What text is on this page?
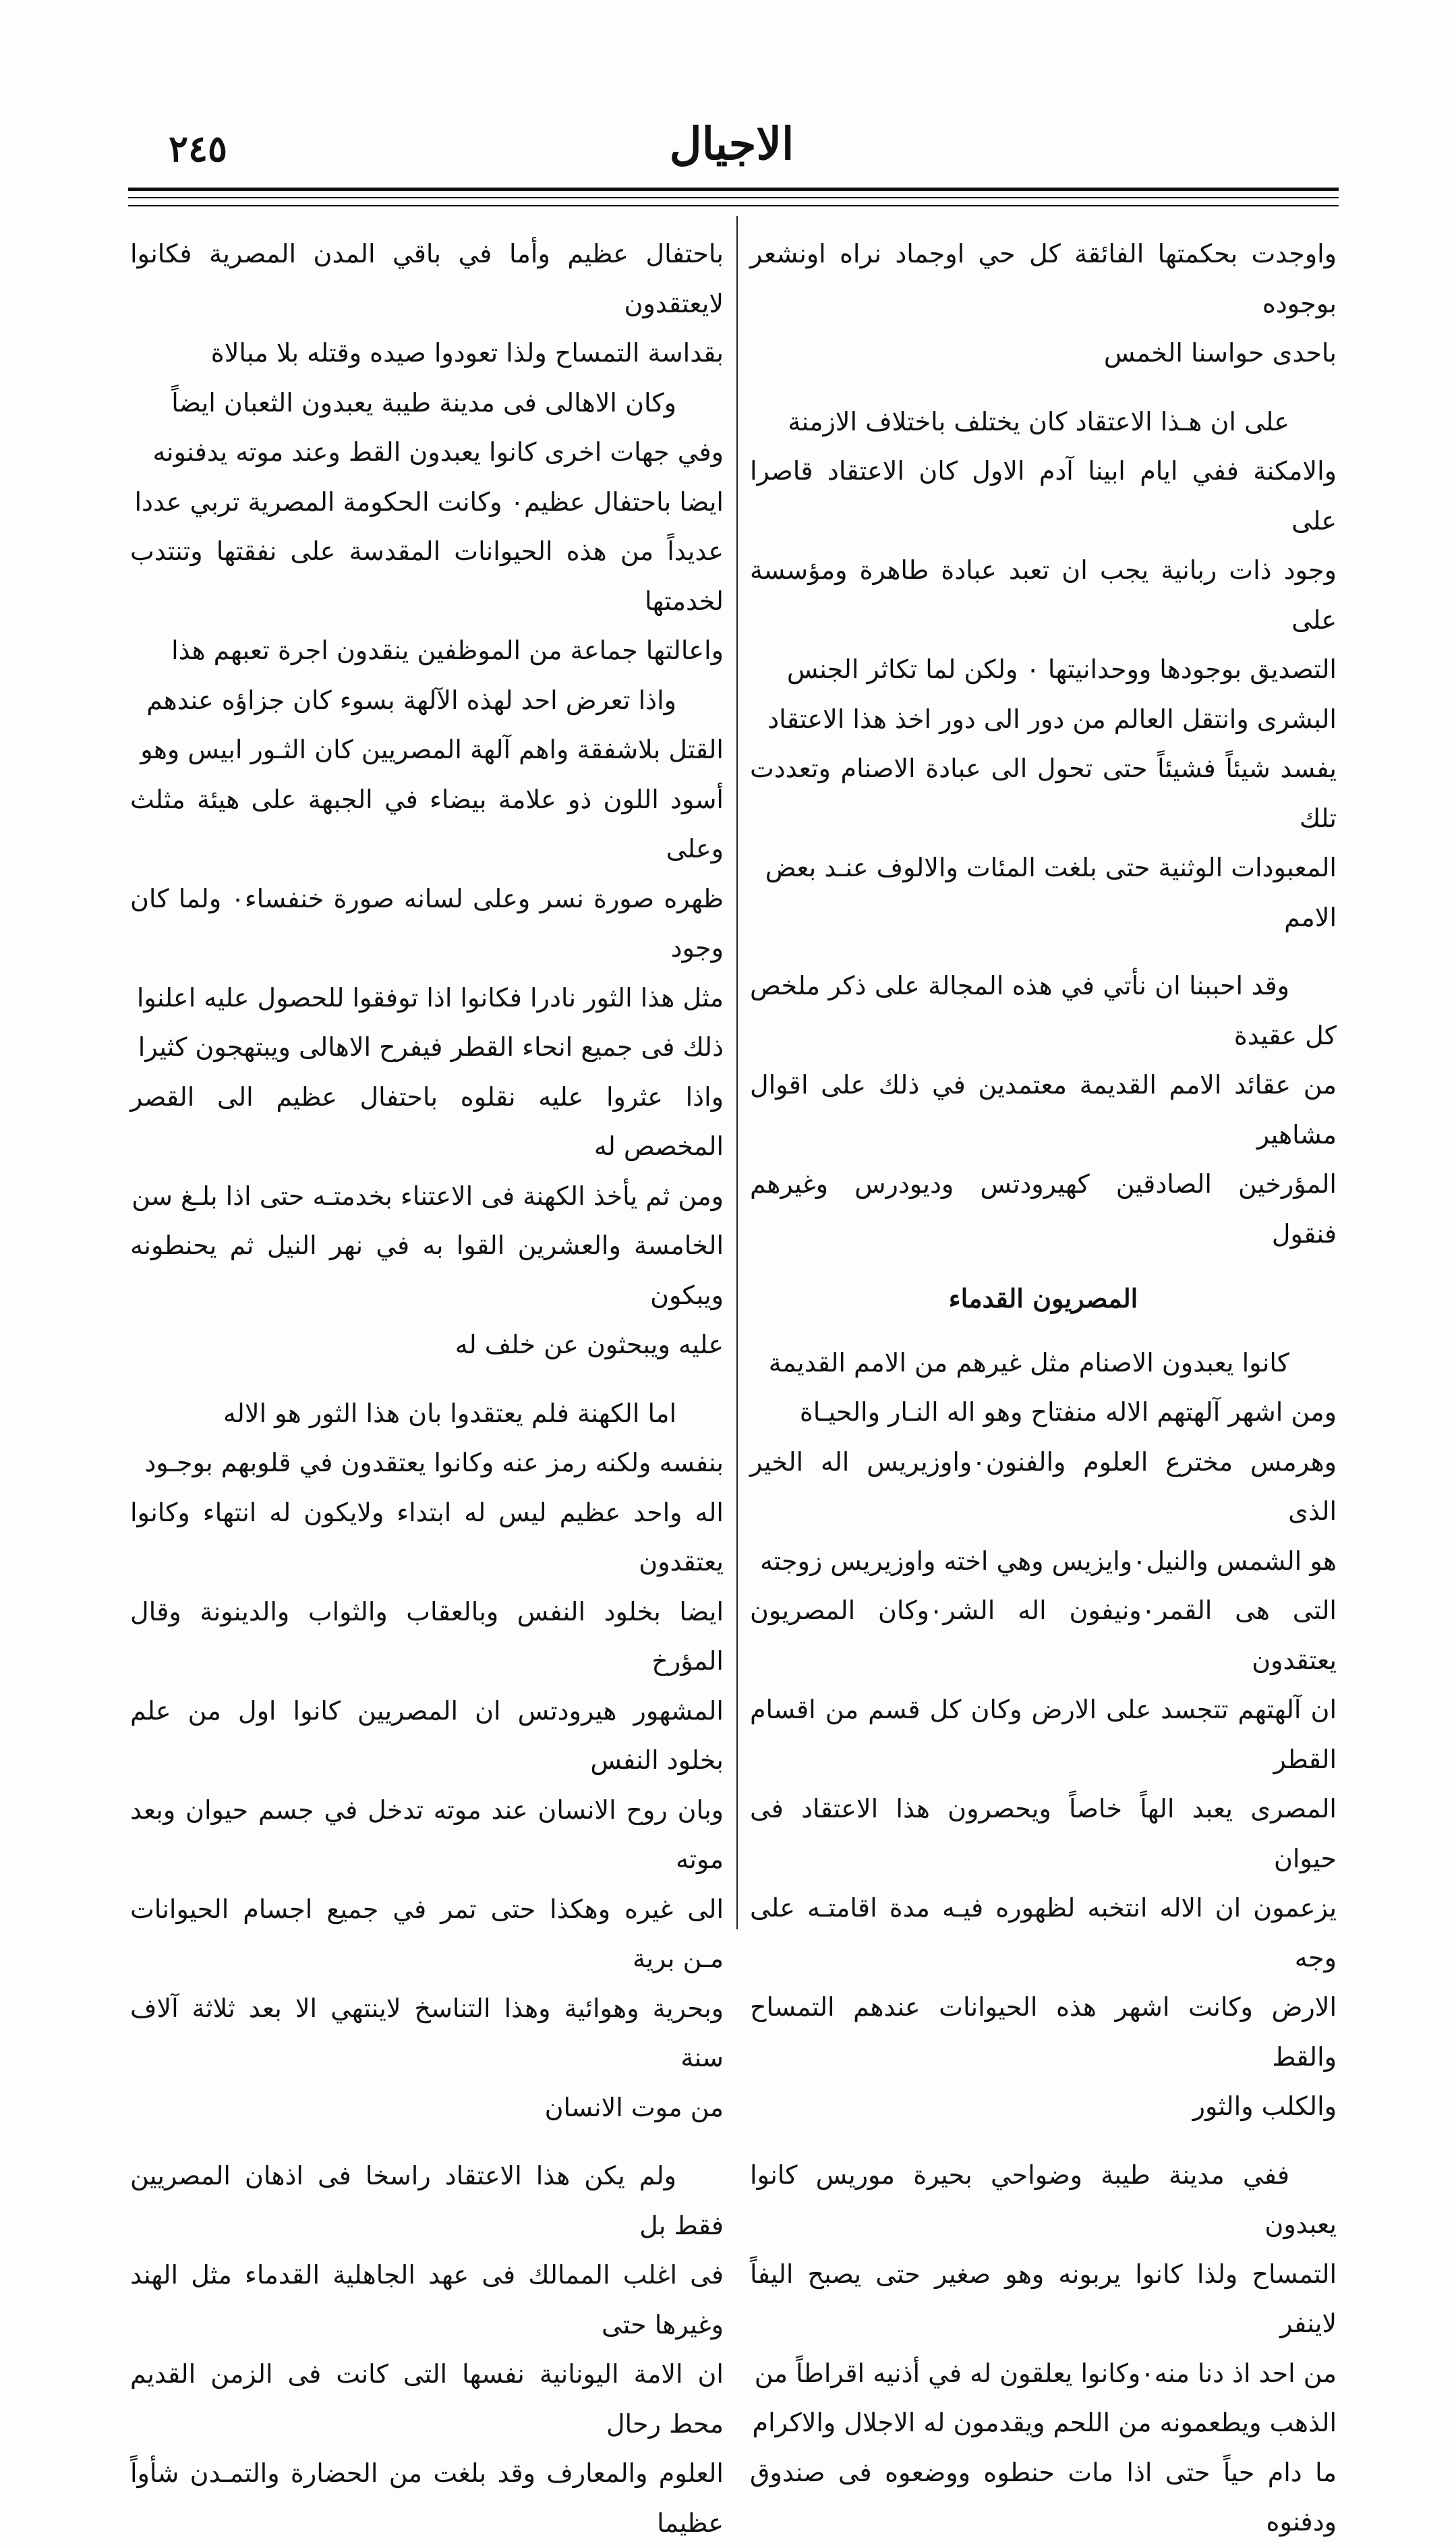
الاجيال
٢٤٥

واوجدت بحكمتها الفائقة كل حي اوجماد نراه اونشعر بوجوده

باحدى حواسنا الخمس

على ان هـذا الاعتقاد كان يختلف باختلاف الازمنة

والامكنة ففي ايام ابينا آدم الاول كان الاعتقاد قاصرا على

وجود ذات ربانية يجب ان تعبد عبادة طاهرة ومؤسسة على

التصديق بوجودها ووحدانيتها ٠ ولكن لما تكاثر الجنس

البشرى وانتقل العالم من دور الى دور اخذ هذا الاعتقاد

يفسد شيئاً فشيئاً حتى تحول الى عبادة الاصنام وتعددت تلك

المعبودات الوثنية حتى بلغت المئات والالوف عنـد بعض

الامم

وقد احببنا ان نأتي في هذه المجالة على ذكر ملخص كل عقيدة

من عقائد الامم القديمة معتمدين في ذلك على اقوال مشاهير

المؤرخين الصادقين كهيرودتس وديودرس وغيرهم فنقول

المصريون القدماء

كانوا يعبدون الاصنام مثل غيرهم من الامم القديمة

ومن اشهر آلهتهم الاله منفتاح وهو اله النـار والحيـاة

وهرمس مخترع العلوم والفنون٠واوزيريس اله الخير الذى

هو الشمس والنيل٠وايزيس وهي اخته واوزيريس زوجته

التى هى القمر٠ونيفون اله الشر٠وكان المصريون يعتقدون

ان آلهتهم تتجسد على الارض وكان كل قسم من اقسام القطر

المصرى يعبد الهاً خاصاً ويحصرون هذا الاعتقاد فى حيوان

يزعمون ان الاله انتخبه لظهوره فيـه مدة اقامتـه على وجه

الارض وكانت اشهر هذه الحيوانات عندهم التمساح والقط

والكلب والثور

ففي مدينة طيبة وضواحي بحيرة موريس كانوا يعبدون

التمساح ولذا كانوا يربونه وهو صغير حتى يصبح اليفاً لاينفر

من احد اذ دنا منه٠وكانوا يعلقون له في أذنيه اقراطاً من

الذهب ويطعمونه من اللحم ويقدمون له الاجلال والاكرام

ما دام حياً حتى اذا مات حنطوه ووضعوه فى صندوق ودفنوه

باحتفال عظيم وأما في باقي المدن المصرية فكانوا لايعتقدون

بقداسة التمساح ولذا تعودوا صيده وقتله بلا مبالاة

وكان الاهالى فى مدينة طيبة يعبدون الثعبان ايضاً

وفي جهات اخرى كانوا يعبدون القط وعند موته يدفنونه

ايضا باحتفال عظيم٠ وكانت الحكومة المصرية تربي عددا

عديداً من هذه الحيوانات المقدسة على نفقتها وتنتدب لخدمتها

واعالتها جماعة من الموظفين ينقدون اجرة تعبهم هذا

واذا تعرض احد لهذه الآلهة بسوء كان جزاؤه عندهم

القتل بلاشفقة واهم آلهة المصريين كان الثـور ابيس وهو

أسود اللون ذو علامة بيضاء في الجبهة على هيئة مثلث وعلى

ظهره صورة نسر وعلى لسانه صورة خنفساء٠ ولما كان وجود

مثل هذا الثور نادرا فكانوا اذا توفقوا للحصول عليه اعلنوا

ذلك فى جميع انحاء القطر فيفرح الاهالى ويبتهجون كثيرا

واذا عثروا عليه نقلوه باحتفال عظيم الى القصر المخصص له

ومن ثم يأخذ الكهنة فى الاعتناء بخدمتـه حتى اذا بلـغ سن

الخامسة والعشرين القوا به في نهر النيل ثم يحنطونه ويبكون

عليه ويبحثون عن خلف له

اما الكهنة فلم يعتقدوا بان هذا الثور هو الاله

بنفسه ولكنه رمز عنه وكانوا يعتقدون في قلوبهم بوجـود

اله واحد عظيم ليس له ابتداء ولايكون له انتهاء وكانوا يعتقدون

ايضا بخلود النفس وبالعقاب والثواب والدينونة وقال المؤرخ

المشهور هيرودتس ان المصريين كانوا اول من علم بخلود النفس

وبان روح الانسان عند موته تدخل في جسم حيوان وبعد موته

الى غيره وهكذا حتى تمر في جميع اجسام الحيوانات مـن برية

وبحرية وهوائية وهذا التناسخ لاينتهي الا بعد ثلاثة آلاف سنة

من موت الانسان

ولم يكن هذا الاعتقاد راسخا فى اذهان المصريين فقط بل

فى اغلب الممالك فى عهد الجاهلية القدماء مثل الهند وغيرها حتى

ان الامة اليونانية نفسها التى كانت فى الزمن القديم محط رحال

العلوم والمعارف وقد بلغت من الحضارة والتمـدن شأواً عظيما
